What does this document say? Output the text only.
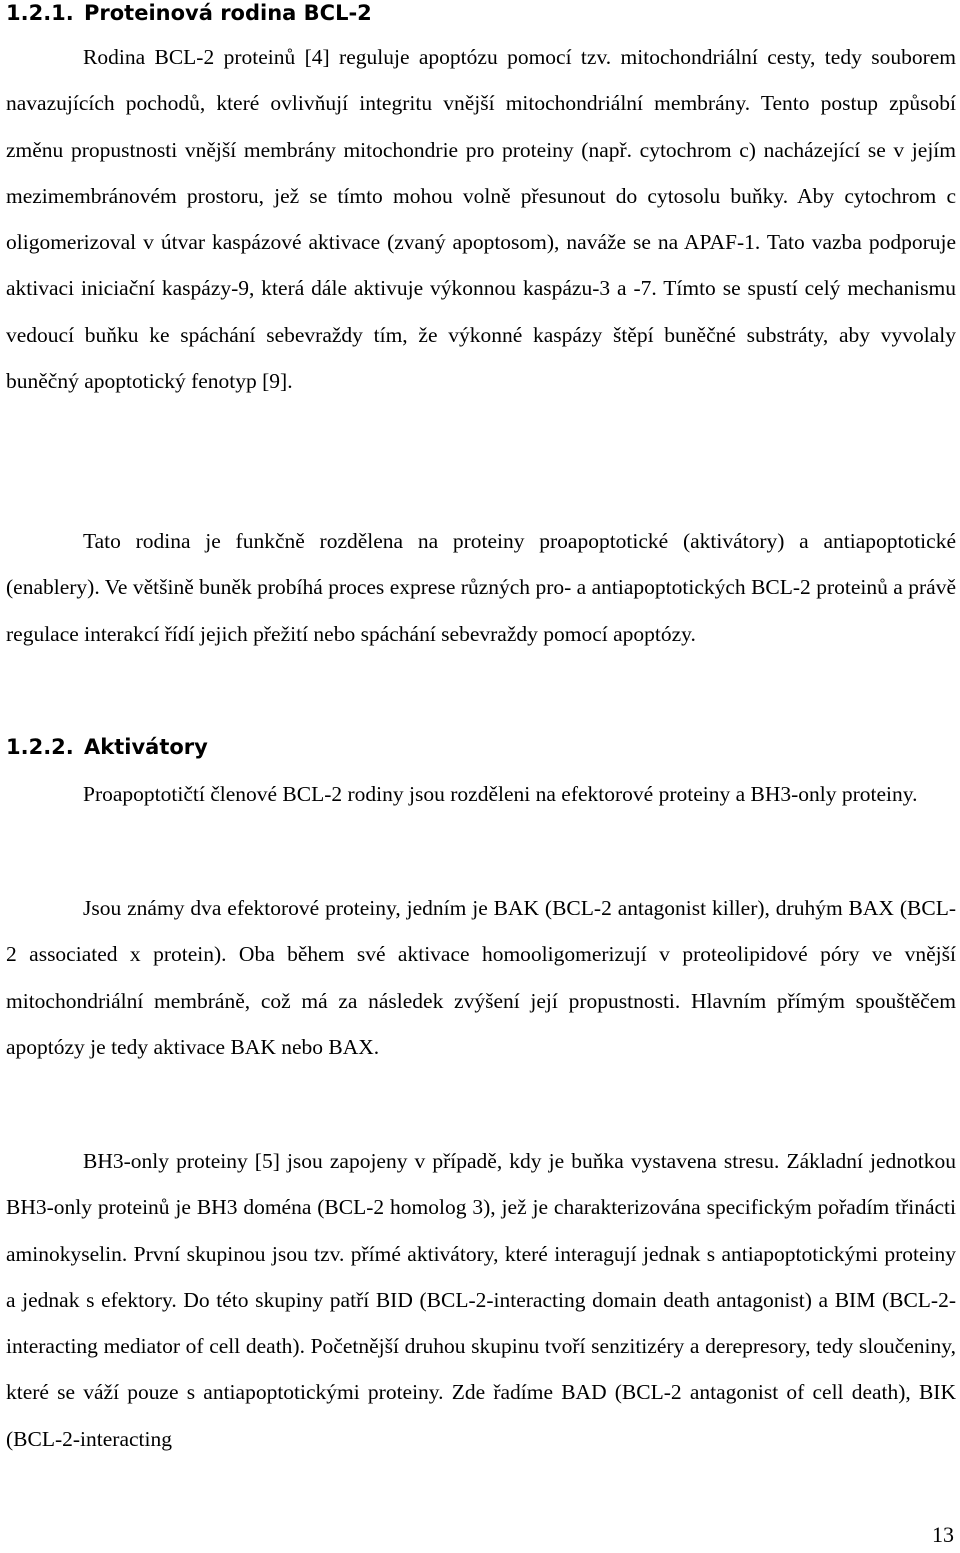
1.2.1. Proteinová rodina BCL-2

Rodina BCL-2 proteinů [4] reguluje apoptózu pomocí tzv. mitochondriální cesty, tedy souborem navazujících pochodů, které ovlivňují integritu vnější mitochondriální membrány. Tento postup způsobí změnu propustnosti vnější membrány mitochondrie pro proteiny (např. cytochrom c) nacházející se v jejím mezimembránovém prostoru, jež se tímto mohou volně přesunout do cytosolu buňky. Aby cytochrom c oligomerizoval v útvar kaspázové aktivace (zvaný apoptosom), naváže se na APAF-1. Tato vazba podporuje aktivaci iniciační kaspázy-9, která dále aktivuje výkonnou kaspázu-3 a -7. Tímto se spustí celý mechanismu vedoucí buňku ke spáchání sebevraždy tím, že výkonné kaspázy štěpí buněčné substráty, aby vyvolaly buněčný apoptotický fenotyp [9].

Tato rodina je funkčně rozdělena na proteiny proapoptotické (aktivátory) a antiapoptotické (enablery). Ve většině buněk probíhá proces exprese různých pro- a antiapoptotických BCL-2 proteinů a právě regulace interakcí řídí jejich přežití nebo spáchání sebevraždy pomocí apoptózy.

1.2.2. Aktivátory

Proapoptotičtí členové BCL-2 rodiny jsou rozděleni na efektorové proteiny a BH3-only proteiny.

Jsou známy dva efektorové proteiny, jedním je BAK (BCL-2 antagonist killer), druhým BAX (BCL-2 associated x protein). Oba během své aktivace homooligomerizují v proteolipidové póry ve vnější mitochondriální membráně, což má za následek zvýšení její propustnosti. Hlavním přímým spouštěčem apoptózy je tedy aktivace BAK nebo BAX.

BH3-only proteiny [5] jsou zapojeny v případě, kdy je buňka vystavena stresu. Základní jednotkou BH3-only proteinů je BH3 doména (BCL-2 homolog 3), jež je charakterizována specifickým pořadím třinácti aminokyselin. První skupinou jsou tzv. přímé aktivátory, které interagují jednak s antiapoptotickými proteiny a jednak s efektory. Do této skupiny patří BID (BCL-2-interacting domain death antagonist) a BIM (BCL-2-interacting mediator of cell death). Početnější druhou skupinu tvoří senzitizéry a derepresory, tedy sloučeniny, které se váží pouze s antiapoptotickými proteiny. Zde řadíme BAD (BCL-2 antagonist of cell death), BIK (BCL-2-interacting

13
